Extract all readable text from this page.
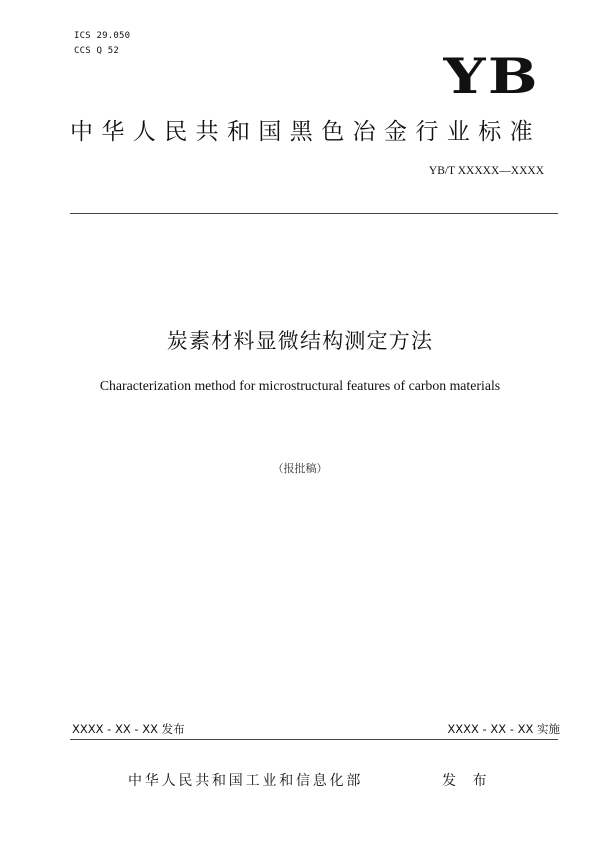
ICS 29.050
CCS Q 52	YB
中华人民共和国黑色冶金行业标准
YB/T XXXXX—XXXX
炭素材料显微结构测定方法
Characterization method for microstructural features of carbon materials
（报批稿）
XXXX - XX - XX 发布	XXXX - XX - XX 实施
中华人民共和国工业和信息化部	发 布
